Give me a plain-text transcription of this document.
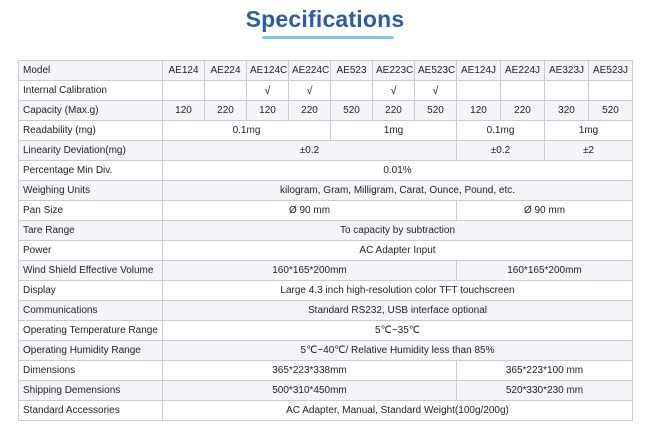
Specifications
Model	AE124	AE224	AE124C	AE224C	AE523	AE223C	AE523C	AE124J	AE224J	AE323J	AE523J
Internal Calibration			√	√		√	√				
Capacity (Max.g)	120	220	120	220	520	220	520	120	220	320	520
Readability (mg)	0.1mg				1mg			0.1mg		1mg	
Linearity Deviation(mg)	±0.2							±0.2		±2	
Percentage Min Div.	0.01%										
Weighing Units	kilogram, Gram, Milligram, Carat, Ounce, Pound, etc.										
Pan Size	Ø 90 mm							Ø 90 mm			
Tare Range	To capacity by subtraction										
Power	AC Adapter Input										
Wind Shield Effective Volume	160*165*200mm							160*165*200mm			
Display	Large 4.3 inch high-resolution color TFT touchscreen										
Communications	Standard RS232, USB interface optional										
Operating Temperature Range	5℃~35℃										
Operating Humidity Range	5℃~40℃/ Relative Humidity less than 85%										
Dimensions	365*223*338mm							365*223*100 mm			
Shipping Demensions	500*310*450mm							520*330*230 mm			
Standard Accessories	AC Adapter, Manual, Standard Weight(100g/200g)										
